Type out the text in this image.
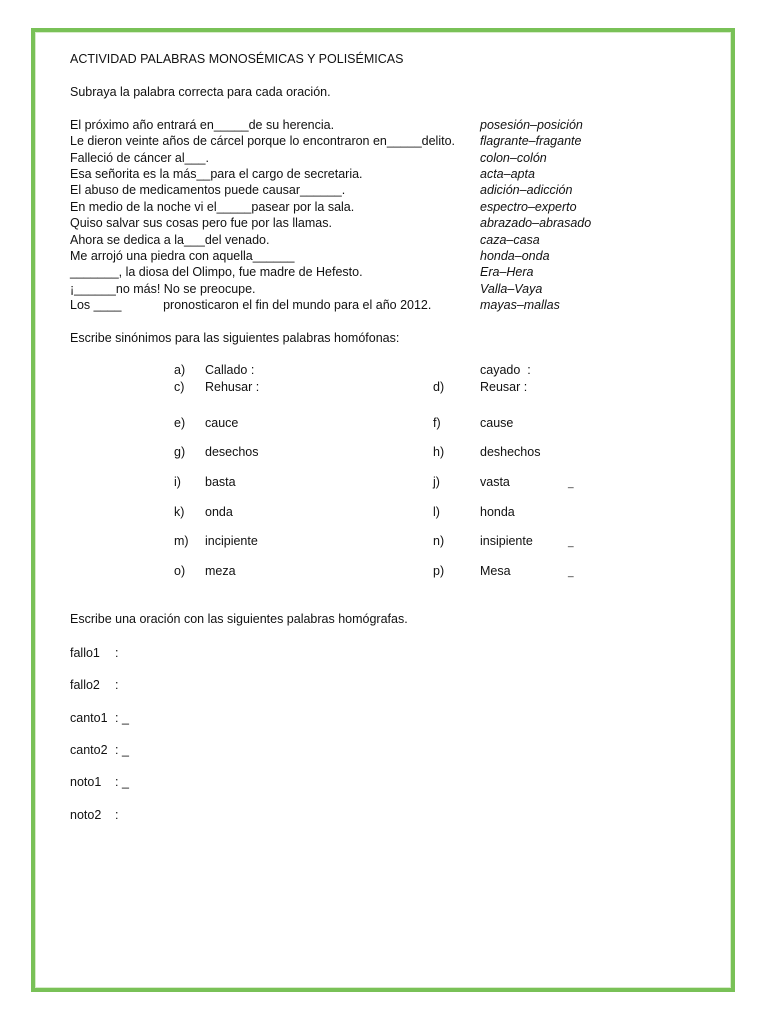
ACTIVIDAD PALABRAS MONOSÉMICAS Y POLISÉMICAS
Subraya la palabra correcta para cada oración.
El próximo año entrará en_____de su herencia.	posesión–posición
Le dieron veinte años de cárcel porque lo encontraron en_____delito. flagrante–fragante
Falleció de cáncer al___.	colon–colón
Esa señorita es la más__para el cargo de secretaria.	acta–apta
El abuso de medicamentos puede causar______.	adición–adicción
En medio de la noche vi el_____pasear por la sala.	espectro–experto
Quiso salvar sus cosas pero fue por las llamas.	abrazado–abrasado
Ahora se dedica a la___del venado.	caza–casa
Me arrojó una piedra con aquella______	honda–onda
_______, la diosa del Olimpo, fue madre de Hefesto.	Era–Hera
¡______no más! No se preocupe.	Valla–Vaya
Los ____            pronosticaron el fin del mundo para el año 2012.	mayas–mallas
Escribe sinónimos para las siguientes palabras homófonas:
a) Callado :	cayado  :
c) Rehusar :	d)	Reusar :
e) cauce	f)	cause
g) desechos	h)	deshechos
i) basta	j)	vasta	_
k) onda	l)	honda
m) incipiente	n)	insipiente	_
o) meza	p)	Mesa	_
Escribe una oración con las siguientes palabras homógrafas.
fallo1 :
fallo2 :
canto1 : _
canto2 : _
noto1 : _
noto2 :
